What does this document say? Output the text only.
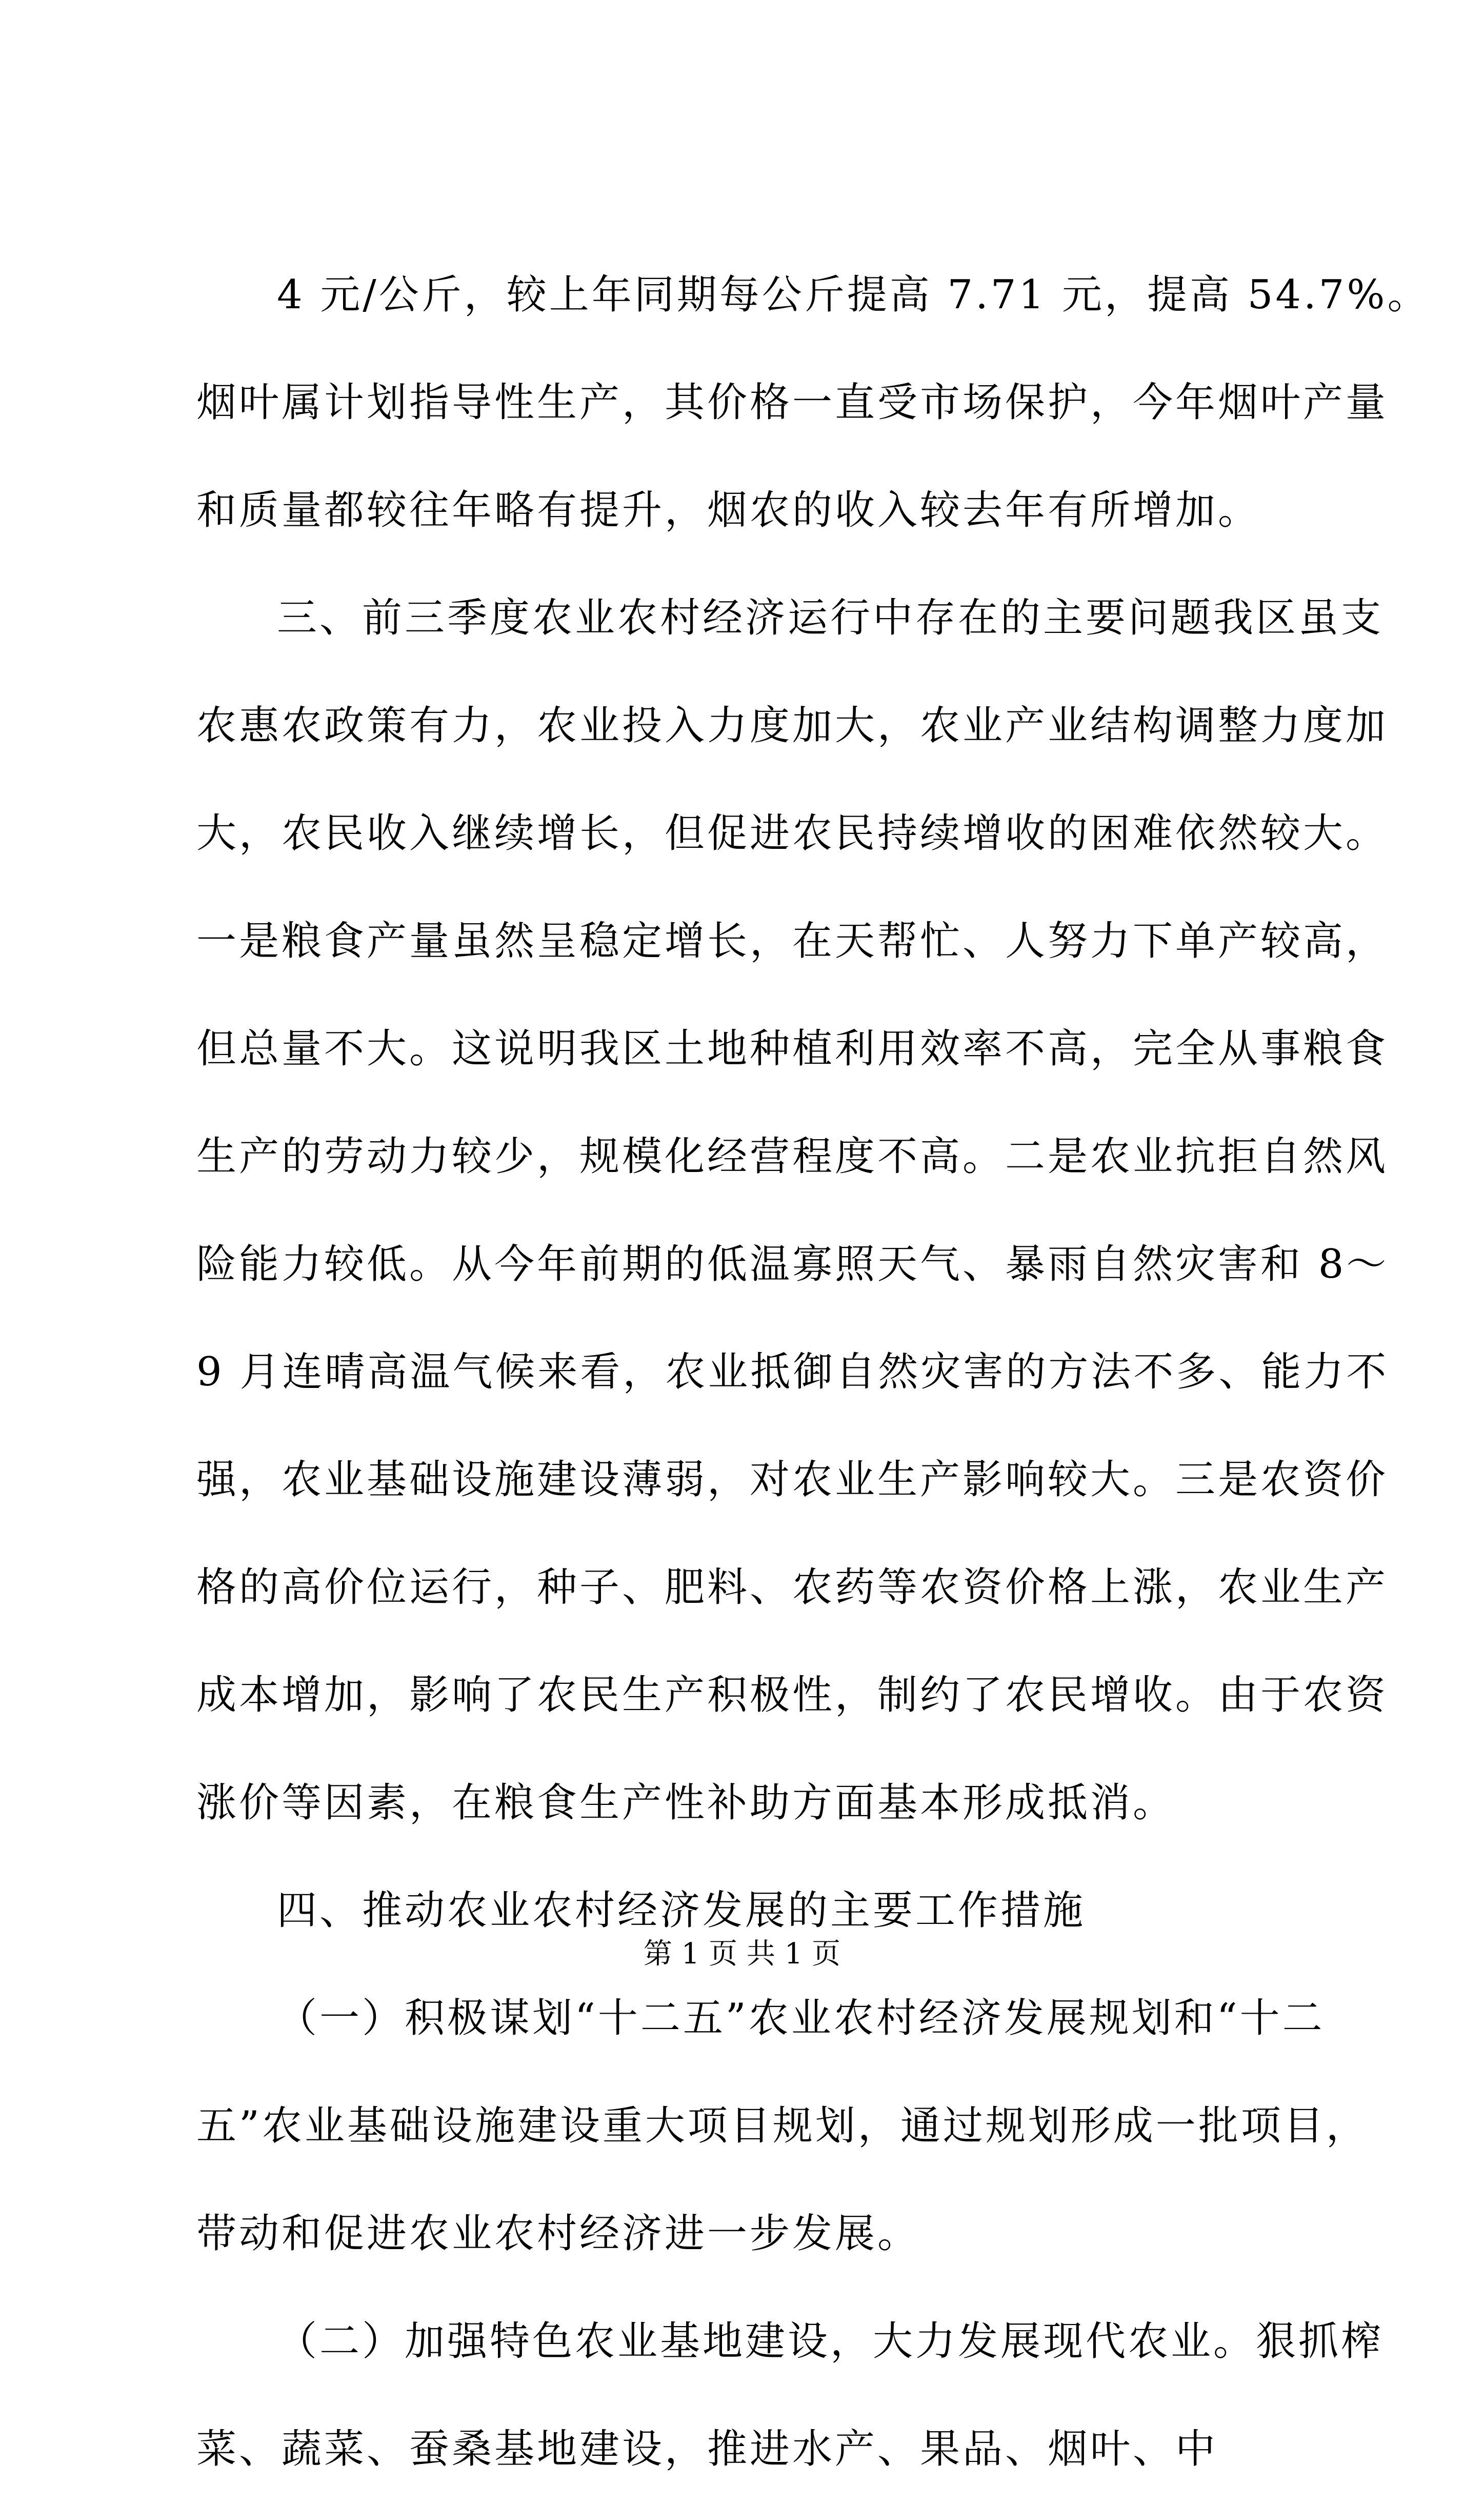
4 元/公斤，较上年同期每公斤提高 7.71 元，提高 54.7%。
烟叶属计划指导性生产，其价格一直受市场保护，今年烟叶产量
和质量都较往年略有提升，烟农的收入较去年有所增加。
三、前三季度农业农村经济运行中存在的主要问题我区虽支
农惠农政策有力，农业投入力度加大，农业产业结构调整力度加
大，农民收入继续增长，但促进农民持续增收的困难依然较大。
一是粮食产量虽然呈稳定增长，在天帮忙、人努力下单产较高，
但总量不大。这说明我区土地种植利用效率不高，完全从事粮食
生产的劳动力较少，规模化经营程度不高。二是农业抗拒自然风
险能力较低。从今年前期的低温寡照天气、暴雨自然灾害和 8～
9 月连晴高温气候来看，农业抵御自然灾害的方法不多、能力不
强，农业基础设施建设薄弱，对农业生产影响较大。三是农资价
格的高价位运行，种子、肥料、农药等农资价格上涨，农业生产
成本增加，影响了农民生产积极性，制约了农民增收。由于农资
涨价等因素，在粮食生产性补助方面基本形成抵消。
四、推动农业农村经济发展的主要工作措施
（一）积极谋划“十二五”农业农村经济发展规划和“十二
五”农业基础设施建设重大项目规划，通过规划形成一批项目，
带动和促进农业农村经济进一步发展。
（二）加强特色农业基地建设，大力发展现代农业。狠抓榨
菜、蔬菜、蚕桑基地建设，推进水产、果品、烟叶、中
第 1 页 共 1 页
